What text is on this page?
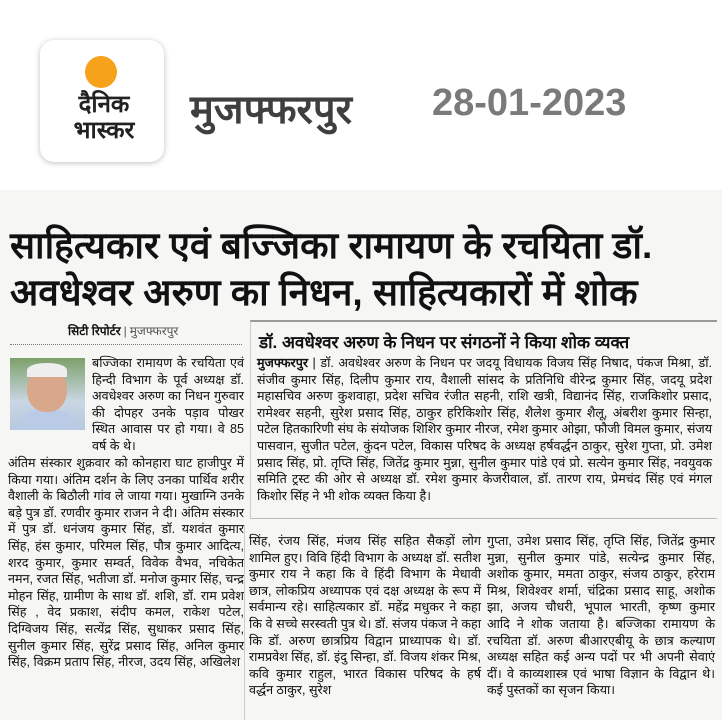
दैनिक भास्कर	मुजफ्फरपुर 28-01-2023
साहित्यकार एवं बज्जिका रामायण के रचयिता डॉ. अवधेश्वर अरुण का निधन, साहित्यकारों में शोक
सिटी रिपोर्टर | मुजफ्फरपुर
बज्जिका रामायण के रचयिता एवं हिन्दी विभाग के पूर्व अध्यक्ष डॉ. अवधेश्वर अरुण का निधन गुरुवार की दोपहर उनके पड़ाव पोखर स्थित आवास पर हो गया। वे 85 वर्ष के थे।
अंतिम संस्कार शुक्रवार को कोनहारा घाट हाजीपुर में किया गया। अंतिम दर्शन के लिए उनका पार्थिव शरीर वैशाली के बिठौली गांव ले जाया गया। मुखाग्नि उनके बड़े पुत्र डॉ. रणवीर कुमार राजन ने दी। अंतिम संस्कार में पुत्र डॉ. धनंजय कुमार सिंह, डॉ. यशवंत कुमार सिंह, हंस कुमार, परिमल सिंह, पौत्र कुमार आदित्य, शरद कुमार, कुमार सम्वर्त, विवेक वैभव, नचिकेत नमन, रजत सिंह, भतीजा डॉ. मनोज कुमार सिंह, चन्द्र मोहन सिंह, ग्रामीण के साथ डॉ. शशि, डॉ. राम प्रवेश सिंह , वेद प्रकाश, संदीप कमल, राकेश पटेल, दिग्विजय सिंह, सत्येंद्र सिंह, सुधाकर प्रसाद सिंह, सुनील कुमार सिंह, सुरेंद्र प्रसाद सिंह, अनिल कुमार सिंह, विक्रम प्रताप सिंह, नीरज, उदय सिंह, अखिलेश
डॉ. अवधेश्वर अरुण के निधन पर संगठनों ने किया शोक व्यक्त
मुजफ्फरपुर | डॉ. अवधेश्वर अरुण के निधन पर जदयू विधायक विजय सिंह निषाद, पंकज मिश्रा, डॉ. संजीव कुमार सिंह, दिलीप कुमार राय, वैशाली सांसद के प्रतिनिधि वीरेन्द्र कुमार सिंह, जदयू प्रदेश महासचिव अरुण कुशवाहा, प्रदेश सचिव रंजीत सहनी, राशि खत्री, विद्यानंद सिंह, राजकिशोर प्रसाद, रामेश्वर सहनी, सुरेश प्रसाद सिंह, ठाकुर हरिकिशोर सिंह, शैलेश कुमार शैलू, अंबरीश कुमार सिन्हा, पटेल हितकारिणी संघ के संयोजक शिशिर कुमार नीरज, रमेश कुमार ओझा, फौजी विमल कुमार, संजय पासवान, सुजीत पटेल, कुंदन पटेल, विकास परिषद के अध्यक्ष हर्षवर्द्धन ठाकुर, सुरेश गुप्ता, प्रो. उमेश प्रसाद सिंह, प्रो. तृप्ति सिंह, जितेंद्र कुमार मुन्ना, सुनील कुमार पांडे एवं प्रो. सत्येन कुमार सिंह, नवयुवक समिति ट्रस्ट की ओर से अध्यक्ष डॉ. रमेश कुमार केजरीवाल, डॉ. तारण राय, प्रेमचंद सिंह एवं मंगल किशोर सिंह ने भी शोक व्यक्त किया है।
सिंह, रंजय सिंह, मंजय सिंह सहित सैकड़ों लोग शामिल हुए। विवि हिंदी विभाग के अध्यक्ष डॉ. सतीश कुमार राय ने कहा कि वे हिंदी विभाग के मेधावी छात्र, लोकप्रिय अध्यापक एवं दक्ष अध्यक्ष के रूप में सर्वमान्य रहे। साहित्यकार डॉ. महेंद्र मधुकर ने कहा कि वे सच्चे सरस्वती पुत्र थे। डॉ. संजय पंकज ने कहा कि डॉ. अरुण छात्रप्रिय विद्वान प्राध्यापक थे। डॉ. रामप्रवेश सिंह, डॉ. इंदु सिन्हा, डॉ. विजय शंकर मिश्र, कवि कुमार राहुल, भारत विकास परिषद के हर्ष वर्द्धन ठाकुर, सुरेश
गुप्ता, उमेश प्रसाद सिंह, तृप्ति सिंह, जितेंद्र कुमार मुन्ना, सुनील कुमार पांडे, सत्येन्द्र कुमार सिंह, अशोक कुमार, ममता ठाकुर, संजय ठाकुर, हरेराम मिश्र, शिवेश्वर शर्मा, चंद्रिका प्रसाद साहू, अशोक झा, अजय चौधरी, भूपाल भारती, कृष्ण कुमार आदि ने शोक जताया है। बज्जिका रामायण के रचयिता डॉ. अरुण बीआरएबीयू के छात्र कल्याण अध्यक्ष सहित कई अन्य पदों पर भी अपनी सेवाएं दीं। वे काव्यशास्त्र एवं भाषा विज्ञान के विद्वान थे। कई पुस्तकों का सृजन किया।
